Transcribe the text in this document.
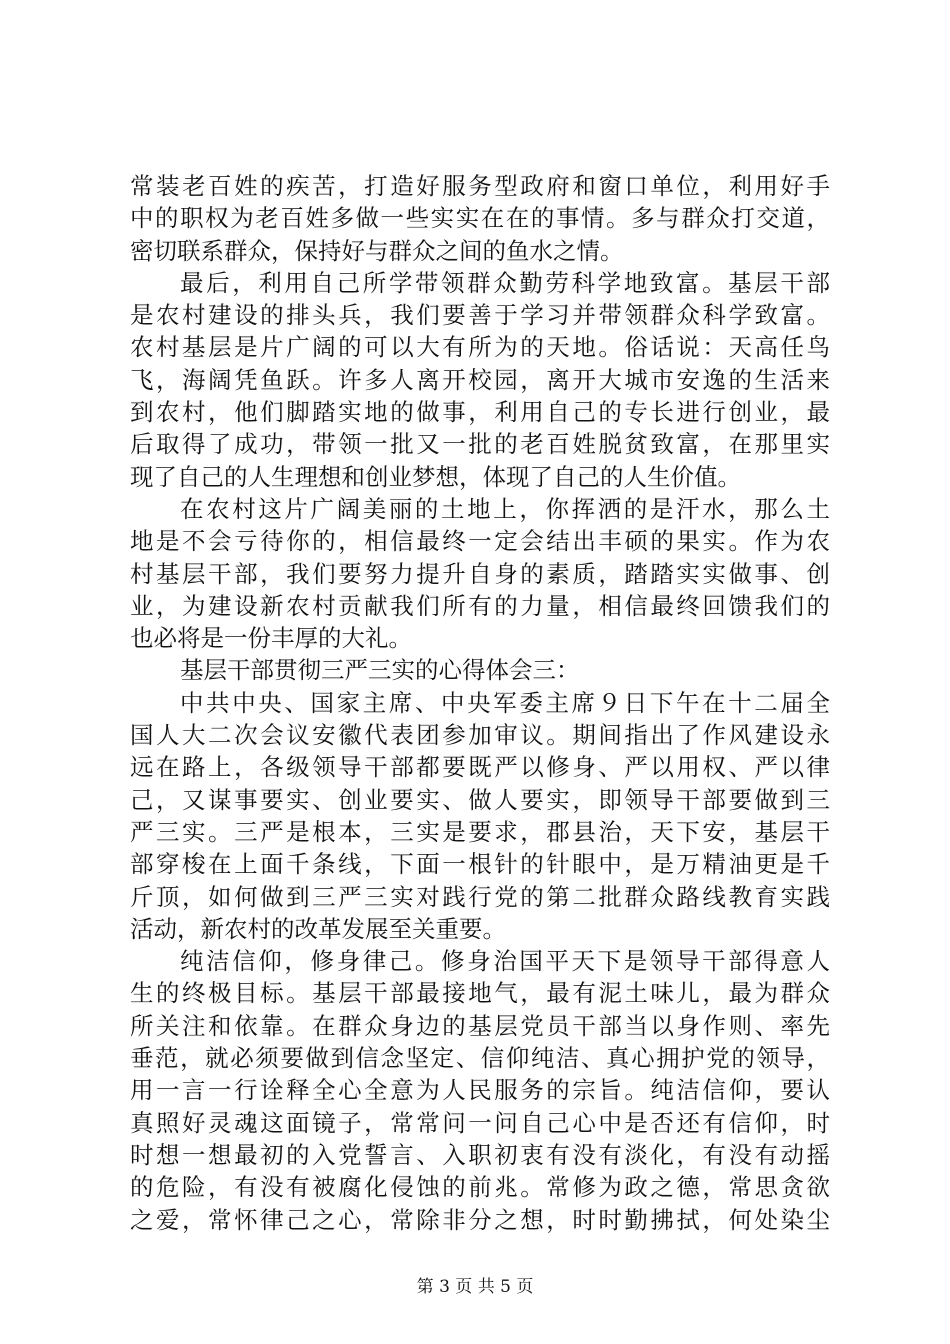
常装老百姓的疾苦，打造好服务型政府和窗口单位，利用好手
中的职权为老百姓多做一些实实在在的事情。多与群众打交道，
密切联系群众，保持好与群众之间的鱼水之情。
最后，利用自己所学带领群众勤劳科学地致富。基层干部
是农村建设的排头兵，我们要善于学习并带领群众科学致富。
农村基层是片广阔的可以大有所为的天地。俗话说：天高任鸟
飞，海阔凭鱼跃。许多人离开校园，离开大城市安逸的生活来
到农村，他们脚踏实地的做事，利用自己的专长进行创业，最
后取得了成功，带领一批又一批的老百姓脱贫致富，在那里实
现了自己的人生理想和创业梦想，体现了自己的人生价值。
在农村这片广阔美丽的土地上，你挥洒的是汗水，那么土
地是不会亏待你的，相信最终一定会结出丰硕的果实。作为农
村基层干部，我们要努力提升自身的素质，踏踏实实做事、创
业，为建设新农村贡献我们所有的力量，相信最终回馈我们的
也必将是一份丰厚的大礼。
基层干部贯彻三严三实的心得体会三：
中共中央、国家主席、中央军委主席９日下午在十二届全
国人大二次会议安徽代表团参加审议。期间指出了作风建设永
远在路上，各级领导干部都要既严以修身、严以用权、严以律
己，又谋事要实、创业要实、做人要实，即领导干部要做到三
严三实。三严是根本，三实是要求，郡县治，天下安，基层干
部穿梭在上面千条线，下面一根针的针眼中，是万精油更是千
斤顶，如何做到三严三实对践行党的第二批群众路线教育实践
活动，新农村的改革发展至关重要。
纯洁信仰，修身律己。修身治国平天下是领导干部得意人
生的终极目标。基层干部最接地气，最有泥土味儿，最为群众
所关注和依靠。在群众身边的基层党员干部当以身作则、率先
垂范，就必须要做到信念坚定、信仰纯洁、真心拥护党的领导，
用一言一行诠释全心全意为人民服务的宗旨。纯洁信仰，要认
真照好灵魂这面镜子，常常问一问自己心中是否还有信仰，时
时想一想最初的入党誓言、入职初衷有没有淡化，有没有动摇
的危险，有没有被腐化侵蚀的前兆。常修为政之德，常思贪欲
之爱，常怀律己之心，常除非分之想，时时勤拂拭，何处染尘
第 3 页 共 5 页
